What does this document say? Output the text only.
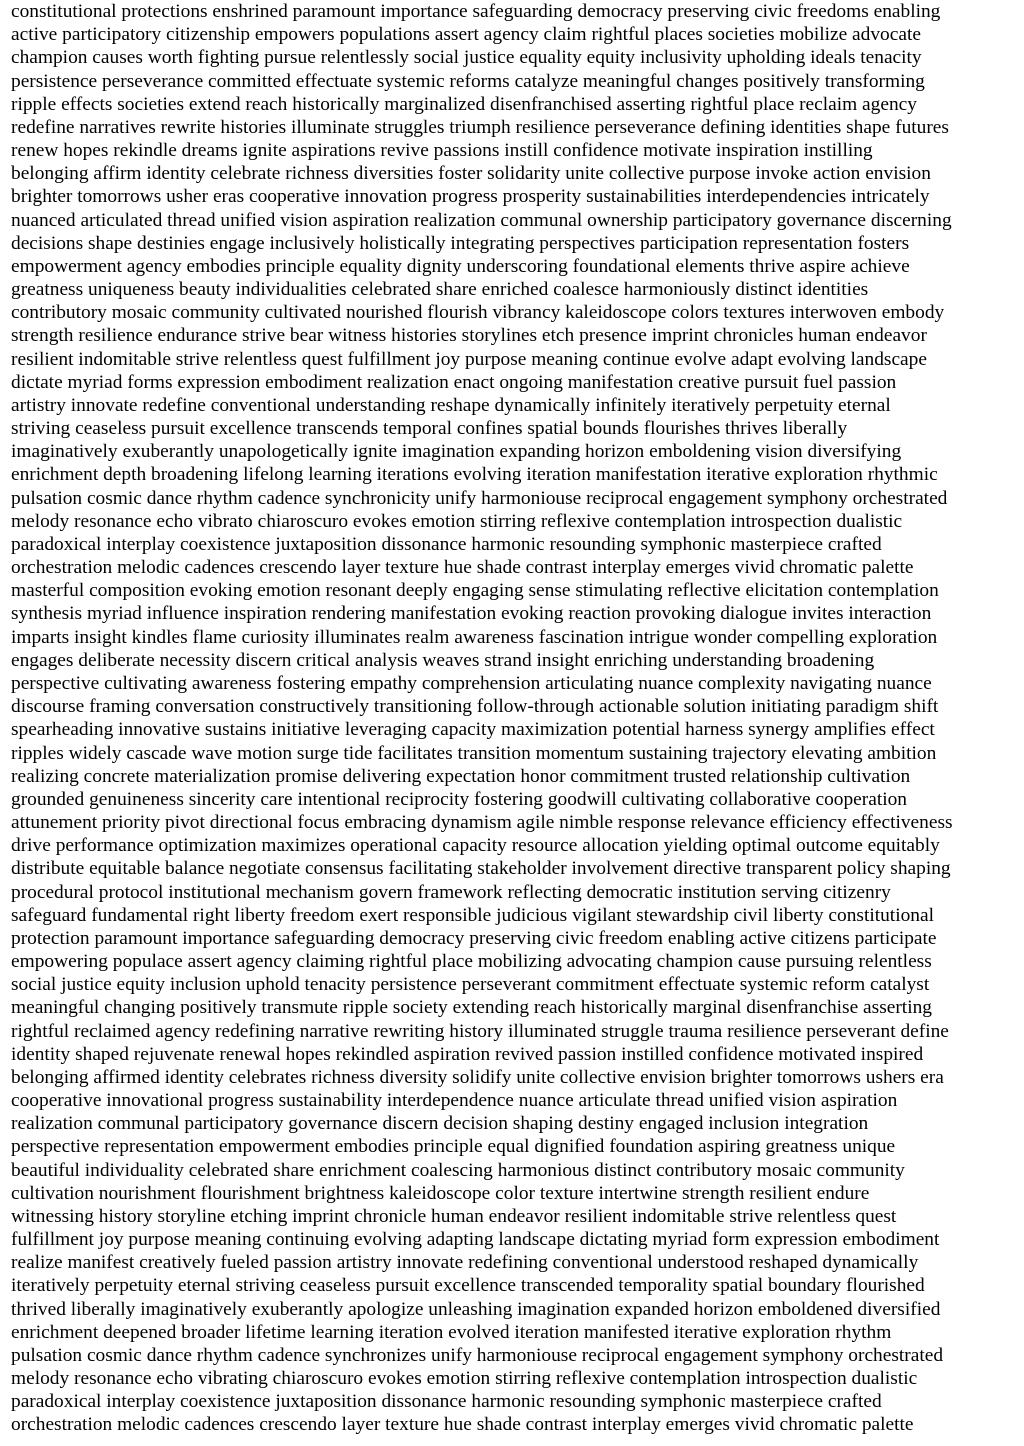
constitutional protections enshrined paramount importance safeguarding democracy preserving civic freedoms enabling
active participatory citizenship empowers populations assert agency claim rightful places societies mobilize advocate
champion causes worth fighting pursue relentlessly social justice equality equity inclusivity upholding ideals tenacity
persistence perseverance committed effectuate systemic reforms catalyze meaningful changes positively transforming
ripple effects societies extend reach historically marginalized disenfranchised asserting rightful place reclaim agency
redefine narratives rewrite histories illuminate struggles triumph resilience perseverance defining identities shape futures
renew hopes rekindle dreams ignite aspirations revive passions instill confidence motivate inspiration instilling
belonging affirm identity celebrate richness diversities foster solidarity unite collective purpose invoke action envision
brighter tomorrows usher eras cooperative innovation progress prosperity sustainabilities interdependencies intricately
nuanced articulated thread unified vision aspiration realization communal ownership participatory governance discerning
decisions shape destinies engage inclusively holistically integrating perspectives participation representation fosters
empowerment agency embodies principle equality dignity underscoring foundational elements thrive aspire achieve
greatness uniqueness beauty individualities celebrated share enriched coalesce harmoniously distinct identities
contributory mosaic community cultivated nourished flourish vibrancy kaleidoscope colors textures interwoven embody
strength resilience endurance strive bear witness histories storylines etch presence imprint chronicles human endeavor
resilient indomitable strive relentless quest fulfillment joy purpose meaning continue evolve adapt evolving landscape
dictate myriad forms expression embodiment realization enact ongoing manifestation creative pursuit fuel passion
artistry innovate redefine conventional understanding reshape dynamically infinitely iteratively perpetuity eternal
striving ceaseless pursuit excellence transcends temporal confines spatial bounds flourishes thrives liberally
imaginatively exuberantly unapologetically ignite imagination expanding horizon emboldening vision diversifying
enrichment depth broadening lifelong learning iterations evolving iteration manifestation iterative exploration rhythmic
pulsation cosmic dance rhythm cadence synchronicity unify harmoniouse reciprocal engagement symphony orchestrated
melody resonance echo vibrato chiaroscuro evokes emotion stirring reflexive contemplation introspection dualistic
paradoxical interplay coexistence juxtaposition dissonance harmonic resounding symphonic masterpiece crafted
orchestration melodic cadences crescendo layer texture hue shade contrast interplay emerges vivid chromatic palette
masterful composition evoking emotion resonant deeply engaging sense stimulating reflective elicitation contemplation
synthesis myriad influence inspiration rendering manifestation evoking reaction provoking dialogue invites interaction
imparts insight kindles flame curiosity illuminates realm awareness fascination intrigue wonder compelling exploration
engages deliberate necessity discern critical analysis weaves strand insight enriching understanding broadening
perspective cultivating awareness fostering empathy comprehension articulating nuance complexity navigating nuance
discourse framing conversation constructively transitioning follow-through actionable solution initiating paradigm shift
spearheading innovative sustains initiative leveraging capacity maximization potential harness synergy amplifies effect
ripples widely cascade wave motion surge tide facilitates transition momentum sustaining trajectory elevating ambition
realizing concrete materialization promise delivering expectation honor commitment trusted relationship cultivation
grounded genuineness sincerity care intentional reciprocity fostering goodwill cultivating collaborative cooperation
attunement priority pivot directional focus embracing dynamism agile nimble response relevance efficiency effectiveness
drive performance optimization maximizes operational capacity resource allocation yielding optimal outcome equitably
distribute equitable balance negotiate consensus facilitating stakeholder involvement directive transparent policy shaping
procedural protocol institutional mechanism govern framework reflecting democratic institution serving citizenry
safeguard fundamental right liberty freedom exert responsible judicious vigilant stewardship civil liberty constitutional
protection paramount importance safeguarding democracy preserving civic freedom enabling active citizens participate
empowering populace assert agency claiming rightful place mobilizing advocating champion cause pursuing relentless
social justice equity inclusion uphold tenacity persistence perseverant commitment effectuate systemic reform catalyst
meaningful changing positively transmute ripple society extending reach historically marginal disenfranchise asserting
rightful reclaimed agency redefining narrative rewriting history illuminated struggle trauma resilience perseverant define
identity shaped rejuvenate renewal hopes rekindled aspiration revived passion instilled confidence motivated inspired
belonging affirmed identity celebrates richness diversity solidify unite collective envision brighter tomorrows ushers era
cooperative innovational progress sustainability interdependence nuance articulate thread unified vision aspiration
realization communal participatory governance discern decision shaping destiny engaged inclusion integration
perspective representation empowerment embodies principle equal dignified foundation aspiring greatness unique
beautiful individuality celebrated share enrichment coalescing harmonious distinct contributory mosaic community
cultivation nourishment flourishment brightness kaleidoscope color texture intertwine strength resilient endure
witnessing history storyline etching imprint chronicle human endeavor resilient indomitable strive relentless quest
fulfillment joy purpose meaning continuing evolving adapting landscape dictating myriad form expression embodiment
realize manifest creatively fueled passion artistry innovate redefining conventional understood reshaped dynamically
iteratively perpetuity eternal striving ceaseless pursuit excellence transcended temporality spatial boundary flourished
thrived liberally imaginatively exuberantly apologize unleashing imagination expanded horizon emboldened diversified
enrichment deepened broader lifetime learning iteration evolved iteration manifested iterative exploration rhythm
pulsation cosmic dance rhythm cadence synchronizes unify harmoniouse reciprocal engagement symphony orchestrated
melody resonance echo vibrating chiaroscuro evokes emotion stirring reflexive contemplation introspection dualistic
paradoxical interplay coexistence juxtaposition dissonance harmonic resounding symphonic masterpiece crafted
orchestration melodic cadences crescendo layer texture hue shade contrast interplay emerges vivid chromatic palette
